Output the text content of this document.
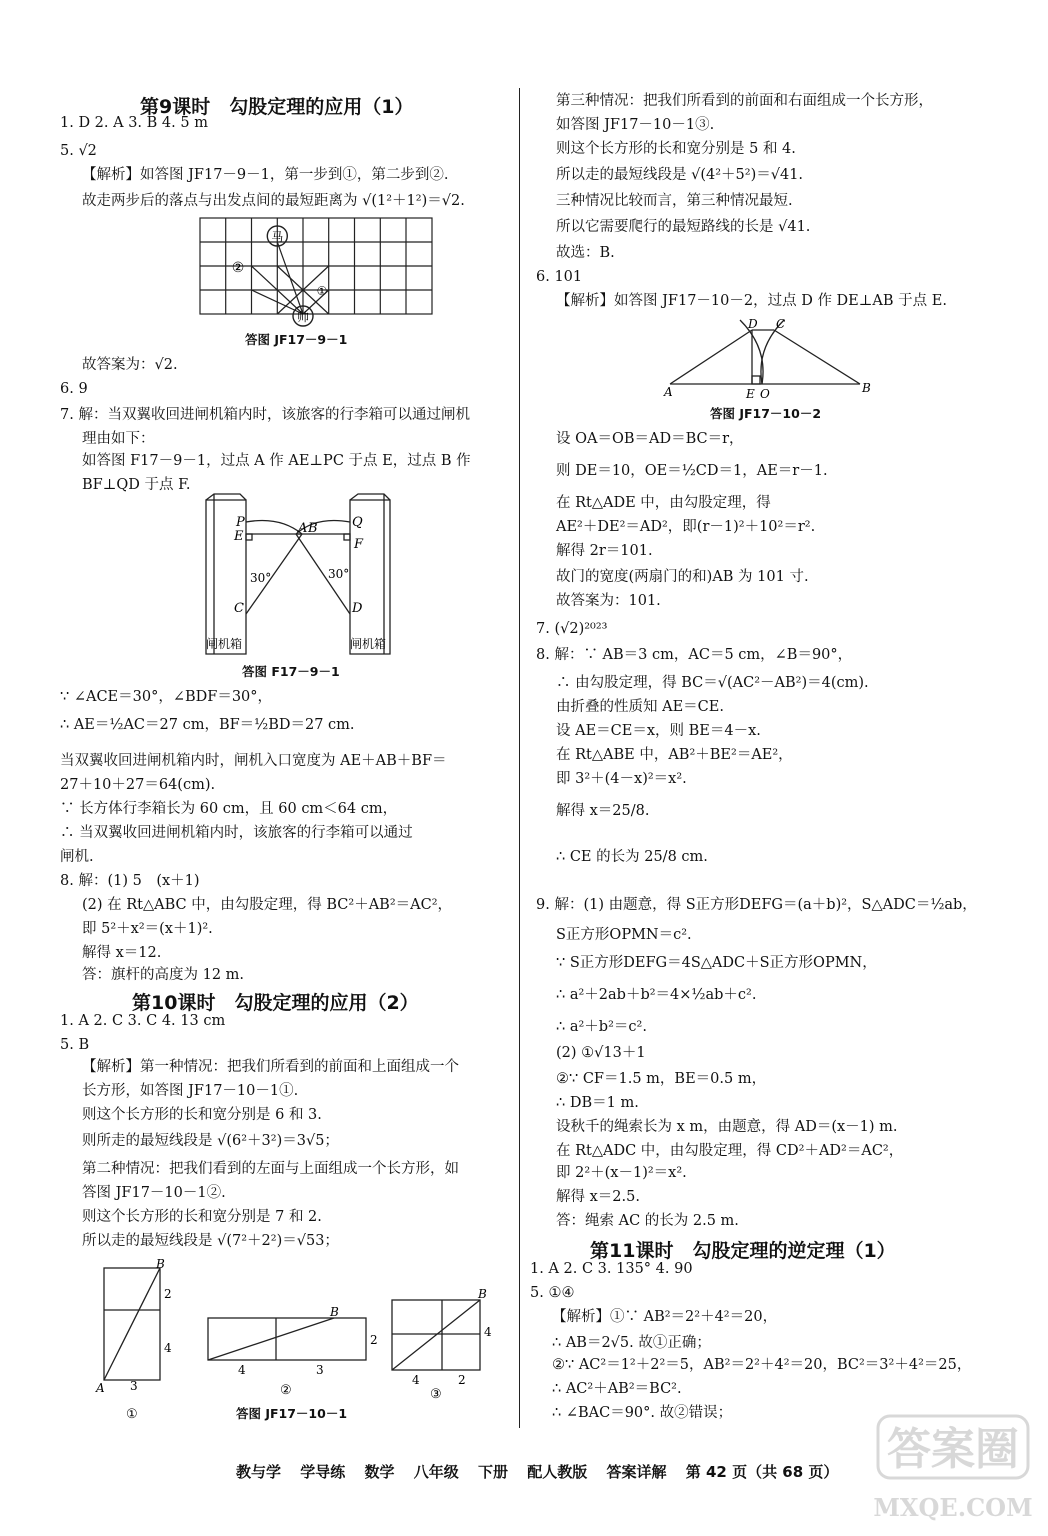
第9课时　勾股定理的应用（1）
1. D 2. A 3. B 4. 5 m
5. √2
【解析】如答图 JF17－9－1，第一步到①，第二步到②.
故走两步后的落点与出发点间的最短距离为 √(1²＋1²)＝√2.
马
②
①
帅
答图 JF17－9－1
故答案为：√2.
6. 9
7. 解：当双翼收回进闸机箱内时，该旅客的行李箱可以通过闸机
理由如下：
如答图 F17－9－1，过点 A 作 AE⊥PC 于点 E，过点 B 作
BF⊥QD 于点 F.
P
E
A B	Q
F
30°	30°
C	D
闸机箱	闸机箱
答图 F17－9－1
∵ ∠ACE＝30°，∠BDF＝30°，
∴ AE＝½AC＝27 cm，BF＝½BD＝27 cm.
当双翼收回进闸机箱内时，闸机入口宽度为 AE＋AB＋BF＝
27＋10＋27＝64(cm).
∵ 长方体行李箱长为 60 cm，且 60 cm＜64 cm，
∴ 当双翼收回进闸机箱内时，该旅客的行李箱可以通过
闸机.
8. 解：(1) 5　(x＋1)
(2) 在 Rt△ABC 中，由勾股定理，得 BC²＋AB²＝AC²，
即 5²＋x²＝(x＋1)².
解得 x＝12.
答：旗杆的高度为 12 m.
第10课时　勾股定理的应用（2）
1. A 2. C 3. C 4. 13 cm
5. B
【解析】第一种情况：把我们所看到的前面和上面组成一个
长方形，如答图 JF17－10－1①.
则这个长方形的长和宽分别是 6 和 3.
则所走的最短线段是 √(6²＋3²)＝3√5；
第二种情况：把我们看到的左面与上面组成一个长方形，如
答图 JF17－10－1②.
则这个长方形的长和宽分别是 7 和 2.
所以走的最短线段是 √(7²＋2²)＝√53；
B
2
4
A 3
①
B
2
4	3
②
B
4
4	2
③
答图 JF17－10－1
第三种情况：把我们所看到的前面和右面组成一个长方形，
如答图 JF17－10－1③.
则这个长方形的长和宽分别是 5 和 4.
所以走的最短线段是 √(4²＋5²)＝√41.
三种情况比较而言，第三种情况最短.
所以它需要爬行的最短路线的长是 √41.
故选：B.
6. 101
【解析】如答图 JF17－10－2，过点 D 作 DE⊥AB 于点 E.
D C
A	E O	B
答图 JF17－10－2
设 OA＝OB＝AD＝BC＝r，
则 DE＝10，OE＝½CD＝1，AE＝r－1.
在 Rt△ADE 中，由勾股定理，得
AE²＋DE²＝AD²，即(r－1)²＋10²＝r².
解得 2r＝101.
故门的宽度(两扇门的和)AB 为 101 寸.
故答案为：101.
7. (√2)²⁰²³
8. 解：∵ AB＝3 cm，AC＝5 cm，∠B＝90°，
∴ 由勾股定理，得 BC＝√(AC²－AB²)＝4(cm).
由折叠的性质知 AE＝CE.
设 AE＝CE＝x，则 BE＝4－x.
在 Rt△ABE 中，AB²＋BE²＝AE²，
即 3²＋(4－x)²＝x².
解得 x＝25/8.
∴ CE 的长为 25/8 cm.
9. 解：(1) 由题意，得 S正方形DEFG＝(a＋b)²，S△ADC＝½ab，
S正方形OPMN＝c².
∵ S正方形DEFG＝4S△ADC＋S正方形OPMN，
∴ a²＋2ab＋b²＝4×½ab＋c².
∴ a²＋b²＝c².
(2) ①√13＋1
②∵ CF＝1.5 m，BE＝0.5 m，
∴ DB＝1 m.
设秋千的绳索长为 x m，由题意，得 AD＝(x－1) m.
在 Rt△ADC 中，由勾股定理，得 CD²＋AD²＝AC²，
即 2²＋(x－1)²＝x².
解得 x＝2.5.
答：绳索 AC 的长为 2.5 m.
第11课时　勾股定理的逆定理（1）
1. A 2. C 3. 135° 4. 90
5. ①④
【解析】①∵ AB²＝2²＋4²＝20，
∴ AB＝2√5. 故①正确；
②∵ AC²＝1²＋2²＝5，AB²＝2²＋4²＝20，BC²＝3²＋4²＝25，
∴ AC²＋AB²＝BC².
∴ ∠BAC＝90°. 故②错误；
教与学 学导练 数学 八年级 下册 配人教版 答案详解 第 42 页（共 68 页）	答案圈
MXQE.COM
